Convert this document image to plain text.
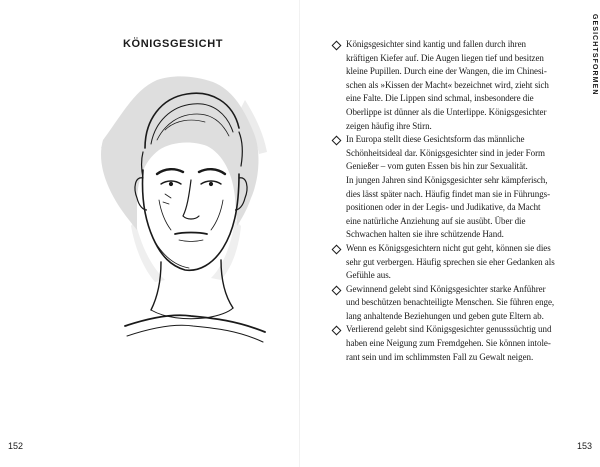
KÖNIGSGESICHT
152
GESICHTSFORMEN
Königsgesichter sind kantig und fallen durch ihren
kräftigen Kiefer auf. Die Augen liegen tief und besitzen
kleine Pupillen. Durch eine der Wangen, die im Chinesi-
schen als »Kissen der Macht« bezeichnet wird, zieht sich
eine Falte. Die Lippen sind schmal, insbesondere die
Oberlippe ist dünner als die Unterlippe. Königsgesichter
zeigen häufig ihre Stirn.
In Europa stellt diese Gesichtsform das männliche
Schönheitsideal dar. Königsgesichter sind in jeder Form
Genießer – vom guten Essen bis hin zur Sexualität.
In jungen Jahren sind Königsgesichter sehr kämpferisch,
dies lässt später nach. Häufig findet man sie in Führungs-
positionen oder in der Legis- und Judikative, da Macht
eine natürliche Anziehung auf sie ausübt. Über die
Schwachen halten sie ihre schützende Hand.
Wenn es Königsgesichtern nicht gut geht, können sie dies
sehr gut verbergen. Häufig sprechen sie eher Gedanken als
Gefühle aus.
Gewinnend gelebt sind Königsgesichter starke Anführer
und beschützen benachteiligte Menschen. Sie führen enge,
lang anhaltende Beziehungen und geben gute Eltern ab.
Verlierend gelebt sind Königsgesichter genusssüchtig und
haben eine Neigung zum Fremdgehen. Sie können intole-
rant sein und im schlimmsten Fall zu Gewalt neigen.
153
